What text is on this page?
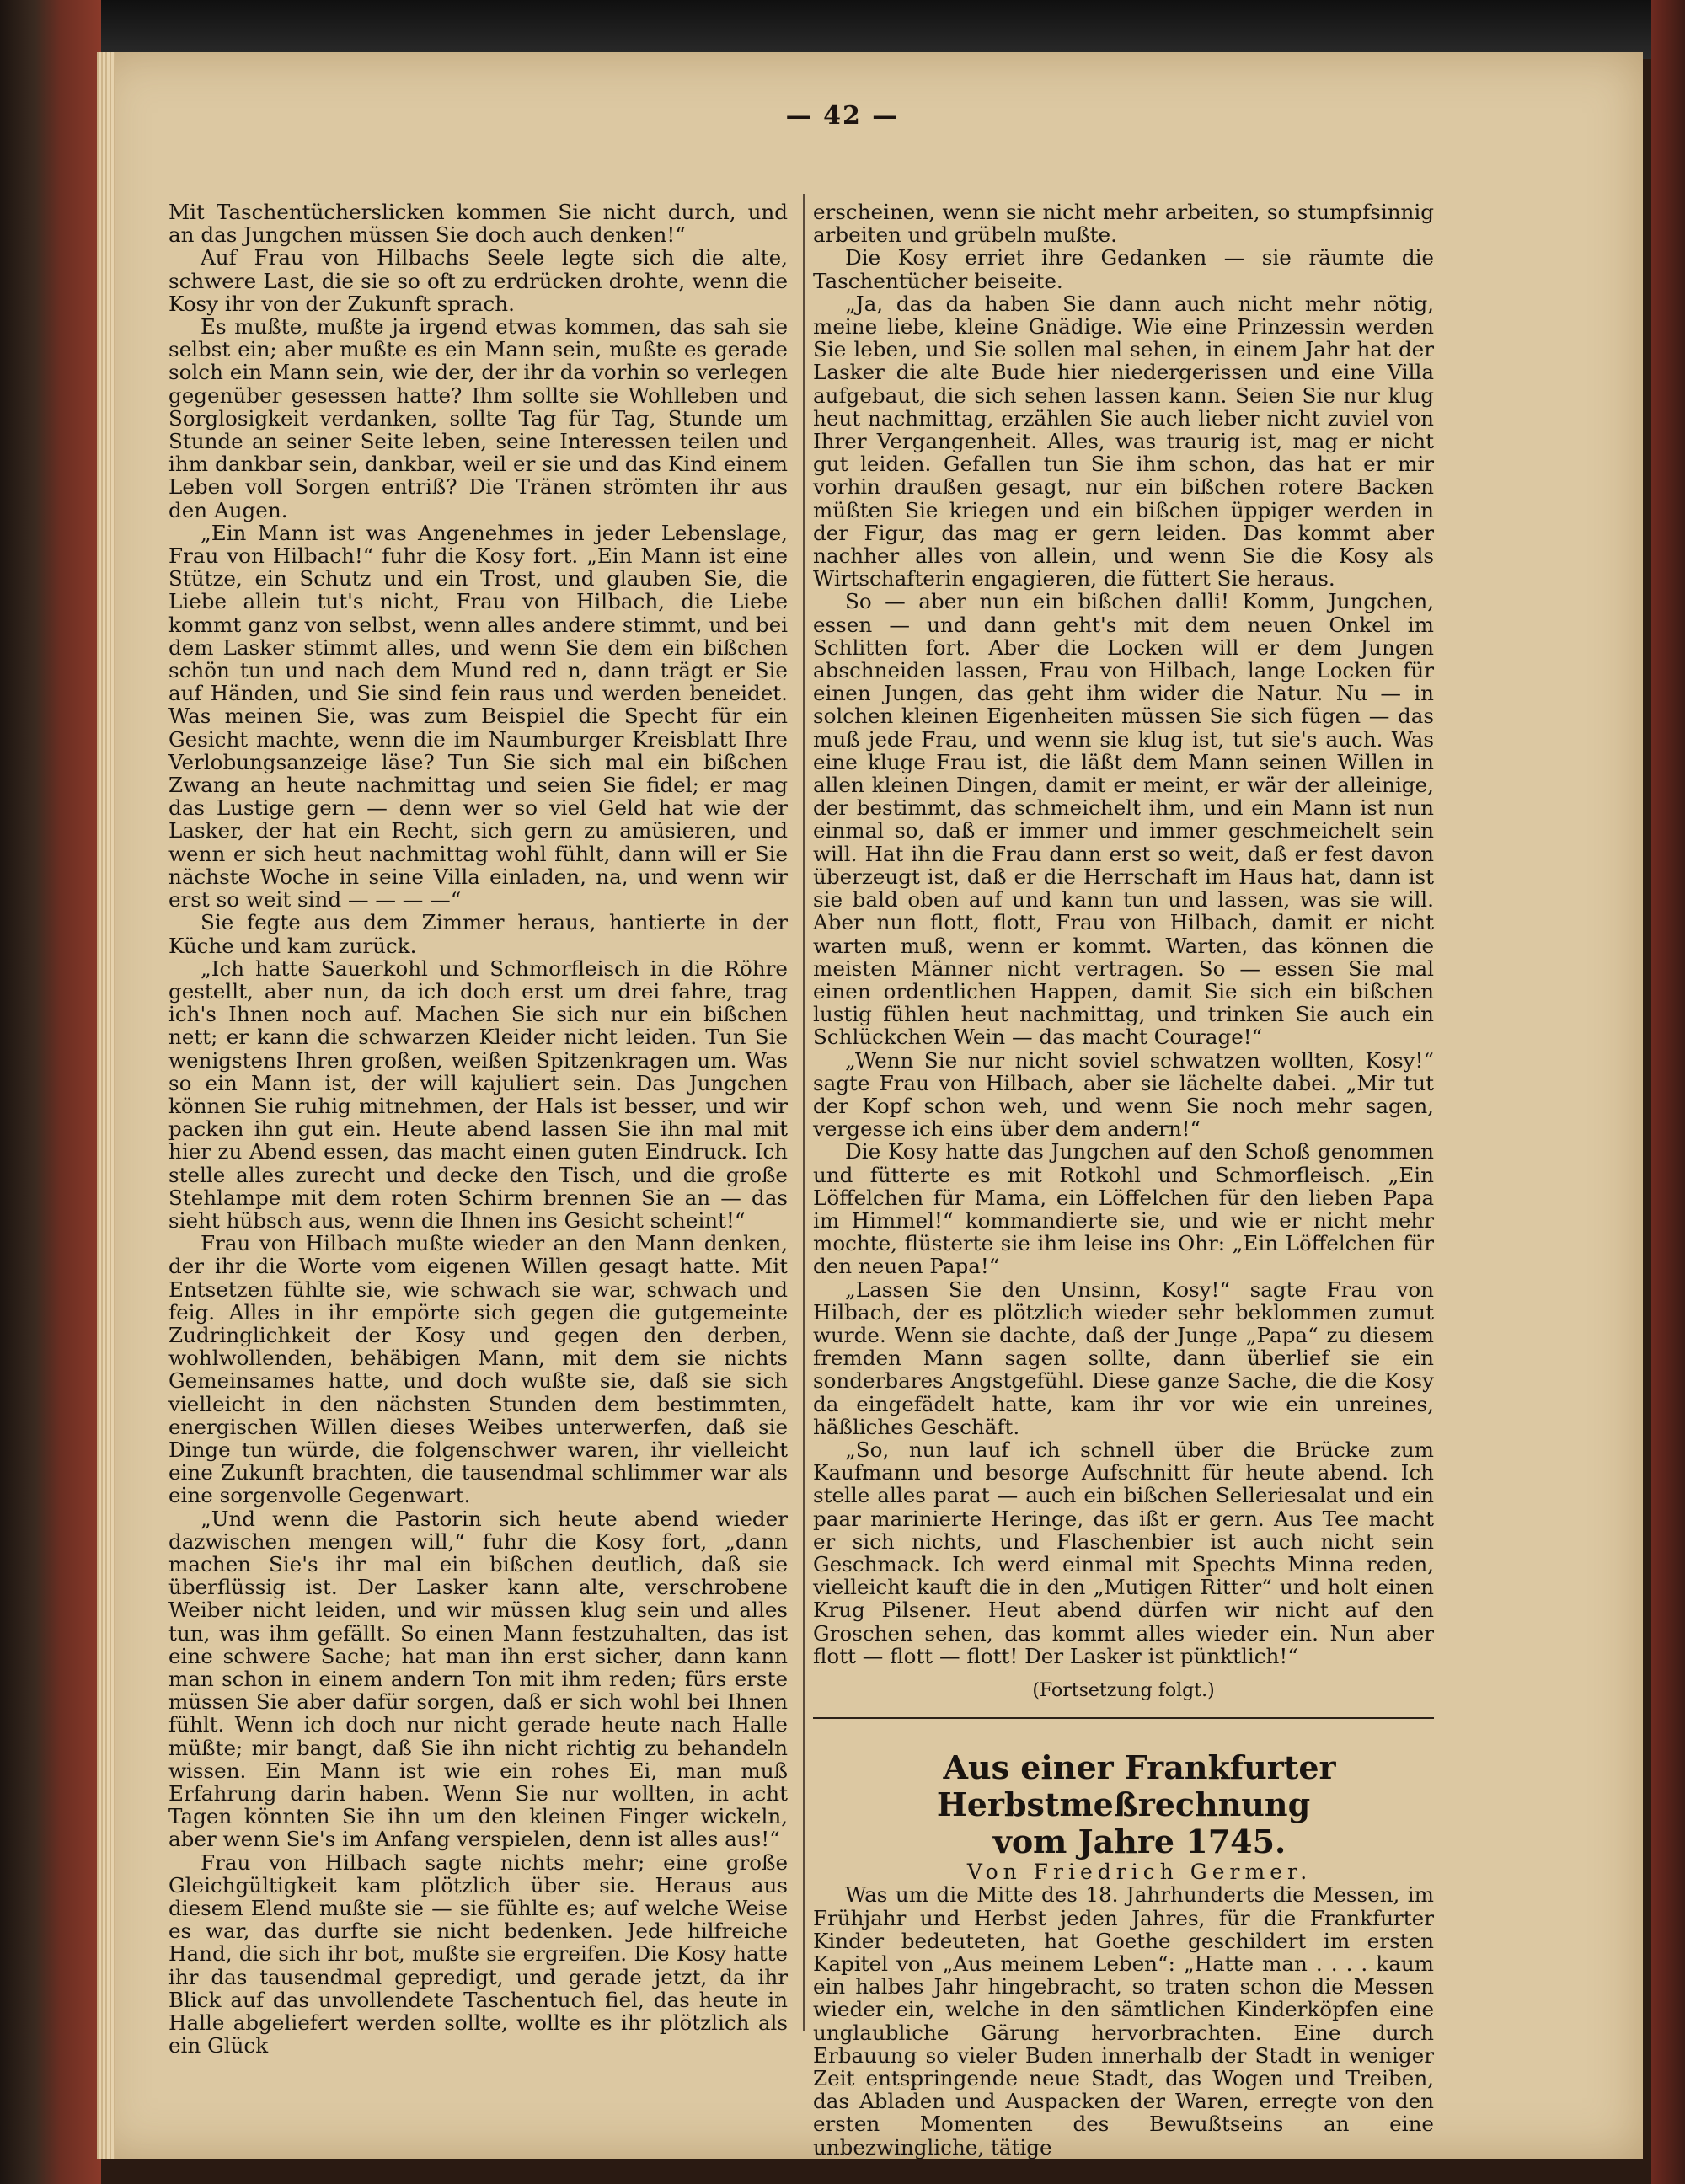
— 42 —

Mit Taschentücherslicken kommen Sie nicht durch, und an das Jungchen müssen Sie doch auch denken!“

Auf Frau von Hilbachs Seele legte sich die alte, schwere Last, die sie so oft zu erdrücken drohte, wenn die Kosy ihr von der Zukunft sprach.

Es mußte, mußte ja irgend etwas kommen, das sah sie selbst ein; aber mußte es ein Mann sein, mußte es gerade solch ein Mann sein, wie der, der ihr da vorhin so verlegen gegenüber gesessen hatte? Ihm sollte sie Wohlleben und Sorglosigkeit verdanken, sollte Tag für Tag, Stunde um Stunde an seiner Seite leben, seine Interessen teilen und ihm dankbar sein, dankbar, weil er sie und das Kind einem Leben voll Sorgen entriß? Die Tränen strömten ihr aus den Augen.

„Ein Mann ist was Angenehmes in jeder Lebenslage, Frau von Hilbach!“ fuhr die Kosy fort. „Ein Mann ist eine Stütze, ein Schutz und ein Trost, und glauben Sie, die Liebe allein tut's nicht, Frau von Hilbach, die Liebe kommt ganz von selbst, wenn alles andere stimmt, und bei dem Lasker stimmt alles, und wenn Sie dem ein bißchen schön tun und nach dem Mund red n, dann trägt er Sie auf Händen, und Sie sind fein raus und werden beneidet. Was meinen Sie, was zum Beispiel die Specht für ein Gesicht machte, wenn die im Naumburger Kreisblatt Ihre Verlobungsanzeige läse? Tun Sie sich mal ein bißchen Zwang an heute nachmittag und seien Sie fidel; er mag das Lustige gern — denn wer so viel Geld hat wie der Lasker, der hat ein Recht, sich gern zu amüsieren, und wenn er sich heut nachmittag wohl fühlt, dann will er Sie nächste Woche in seine Villa einladen, na, und wenn wir erst so weit sind — — — —“

Sie fegte aus dem Zimmer heraus, hantierte in der Küche und kam zurück.

„Ich hatte Sauerkohl und Schmorfleisch in die Röhre gestellt, aber nun, da ich doch erst um drei fahre, trag ich's Ihnen noch auf. Machen Sie sich nur ein bißchen nett; er kann die schwarzen Kleider nicht leiden. Tun Sie wenigstens Ihren großen, weißen Spitzenkragen um. Was so ein Mann ist, der will kajuliert sein. Das Jungchen können Sie ruhig mitnehmen, der Hals ist besser, und wir packen ihn gut ein. Heute abend lassen Sie ihn mal mit hier zu Abend essen, das macht einen guten Eindruck. Ich stelle alles zurecht und decke den Tisch, und die große Stehlampe mit dem roten Schirm brennen Sie an — das sieht hübsch aus, wenn die Ihnen ins Gesicht scheint!“

Frau von Hilbach mußte wieder an den Mann denken, der ihr die Worte vom eigenen Willen gesagt hatte. Mit Entsetzen fühlte sie, wie schwach sie war, schwach und feig. Alles in ihr empörte sich gegen die gutgemeinte Zudringlichkeit der Kosy und gegen den derben, wohlwollenden, behäbigen Mann, mit dem sie nichts Gemeinsames hatte, und doch wußte sie, daß sie sich vielleicht in den nächsten Stunden dem bestimmten, energischen Willen dieses Weibes unterwerfen, daß sie Dinge tun würde, die folgenschwer waren, ihr vielleicht eine Zukunft brachten, die tausendmal schlimmer war als eine sorgenvolle Gegenwart.

„Und wenn die Pastorin sich heute abend wieder dazwischen mengen will,“ fuhr die Kosy fort, „dann machen Sie's ihr mal ein bißchen deutlich, daß sie überflüssig ist. Der Lasker kann alte, verschrobene Weiber nicht leiden, und wir müssen klug sein und alles tun, was ihm gefällt. So einen Mann festzuhalten, das ist eine schwere Sache; hat man ihn erst sicher, dann kann man schon in einem andern Ton mit ihm reden; fürs erste müssen Sie aber dafür sorgen, daß er sich wohl bei Ihnen fühlt. Wenn ich doch nur nicht gerade heute nach Halle müßte; mir bangt, daß Sie ihn nicht richtig zu behandeln wissen. Ein Mann ist wie ein rohes Ei, man muß Erfahrung darin haben. Wenn Sie nur wollten, in acht Tagen könnten Sie ihn um den kleinen Finger wickeln, aber wenn Sie's im Anfang verspielen, denn ist alles aus!“

Frau von Hilbach sagte nichts mehr; eine große Gleichgültigkeit kam plötzlich über sie. Heraus aus diesem Elend mußte sie — sie fühlte es; auf welche Weise es war, das durfte sie nicht bedenken. Jede hilfreiche Hand, die sich ihr bot, mußte sie ergreifen. Die Kosy hatte ihr das tausendmal gepredigt, und gerade jetzt, da ihr Blick auf das unvollendete Taschentuch fiel, das heute in Halle abgeliefert werden sollte, wollte es ihr plötzlich als ein Glück

erscheinen, wenn sie nicht mehr arbeiten, so stumpfsinnig arbeiten und grübeln mußte.

Die Kosy erriet ihre Gedanken — sie räumte die Taschentücher beiseite.

„Ja, das da haben Sie dann auch nicht mehr nötig, meine liebe, kleine Gnädige. Wie eine Prinzessin werden Sie leben, und Sie sollen mal sehen, in einem Jahr hat der Lasker die alte Bude hier niedergerissen und eine Villa aufgebaut, die sich sehen lassen kann. Seien Sie nur klug heut nachmittag, erzählen Sie auch lieber nicht zuviel von Ihrer Vergangenheit. Alles, was traurig ist, mag er nicht gut leiden. Gefallen tun Sie ihm schon, das hat er mir vorhin draußen gesagt, nur ein bißchen rotere Backen müßten Sie kriegen und ein bißchen üppiger werden in der Figur, das mag er gern leiden. Das kommt aber nachher alles von allein, und wenn Sie die Kosy als Wirtschafterin engagieren, die füttert Sie heraus.

So — aber nun ein bißchen dalli! Komm, Jungchen, essen — und dann geht's mit dem neuen Onkel im Schlitten fort. Aber die Locken will er dem Jungen abschneiden lassen, Frau von Hilbach, lange Locken für einen Jungen, das geht ihm wider die Natur. Nu — in solchen kleinen Eigenheiten müssen Sie sich fügen — das muß jede Frau, und wenn sie klug ist, tut sie's auch. Was eine kluge Frau ist, die läßt dem Mann seinen Willen in allen kleinen Dingen, damit er meint, er wär der alleinige, der bestimmt, das schmeichelt ihm, und ein Mann ist nun einmal so, daß er immer und immer geschmeichelt sein will. Hat ihn die Frau dann erst so weit, daß er fest davon überzeugt ist, daß er die Herrschaft im Haus hat, dann ist sie bald oben auf und kann tun und lassen, was sie will. Aber nun flott, flott, Frau von Hilbach, damit er nicht warten muß, wenn er kommt. Warten, das können die meisten Männer nicht vertragen. So — essen Sie mal einen ordentlichen Happen, damit Sie sich ein bißchen lustig fühlen heut nachmittag, und trinken Sie auch ein Schlückchen Wein — das macht Courage!“

„Wenn Sie nur nicht soviel schwatzen wollten, Kosy!“ sagte Frau von Hilbach, aber sie lächelte dabei. „Mir tut der Kopf schon weh, und wenn Sie noch mehr sagen, vergesse ich eins über dem andern!“

Die Kosy hatte das Jungchen auf den Schoß genommen und fütterte es mit Rotkohl und Schmorfleisch. „Ein Löffelchen für Mama, ein Löffelchen für den lieben Papa im Himmel!“ kommandierte sie, und wie er nicht mehr mochte, flüsterte sie ihm leise ins Ohr: „Ein Löffelchen für den neuen Papa!“

„Lassen Sie den Unsinn, Kosy!“ sagte Frau von Hilbach, der es plötzlich wieder sehr beklommen zumut wurde. Wenn sie dachte, daß der Junge „Papa“ zu diesem fremden Mann sagen sollte, dann überlief sie ein sonderbares Angstgefühl. Diese ganze Sache, die die Kosy da eingefädelt hatte, kam ihr vor wie ein unreines, häßliches Geschäft.

„So, nun lauf ich schnell über die Brücke zum Kaufmann und besorge Aufschnitt für heute abend. Ich stelle alles parat — auch ein bißchen Selleriesalat und ein paar marinierte Heringe, das ißt er gern. Aus Tee macht er sich nichts, und Flaschenbier ist auch nicht sein Geschmack. Ich werd einmal mit Spechts Minna reden, vielleicht kauft die in den „Mutigen Ritter“ und holt einen Krug Pilsener. Heut abend dürfen wir nicht auf den Groschen sehen, das kommt alles wieder ein. Nun aber flott — flott — flott! Der Lasker ist pünktlich!“

(Fortsetzung folgt.)

Aus einer Frankfurter Herbstmeßrechnung

vom Jahre 1745.

Von Friedrich Germer.

Was um die Mitte des 18. Jahrhunderts die Messen, im Frühjahr und Herbst jeden Jahres, für die Frankfurter Kinder bedeuteten, hat Goethe geschildert im ersten Kapitel von „Aus meinem Leben“: „Hatte man . . . . kaum ein halbes Jahr hingebracht, so traten schon die Messen wieder ein, welche in den sämtlichen Kinderköpfen eine unglaubliche Gärung hervorbrachten. Eine durch Erbauung so vieler Buden innerhalb der Stadt in weniger Zeit entspringende neue Stadt, das Wogen und Treiben, das Abladen und Auspacken der Waren, erregte von den ersten Momenten des Bewußtseins an eine unbezwingliche, tätige
